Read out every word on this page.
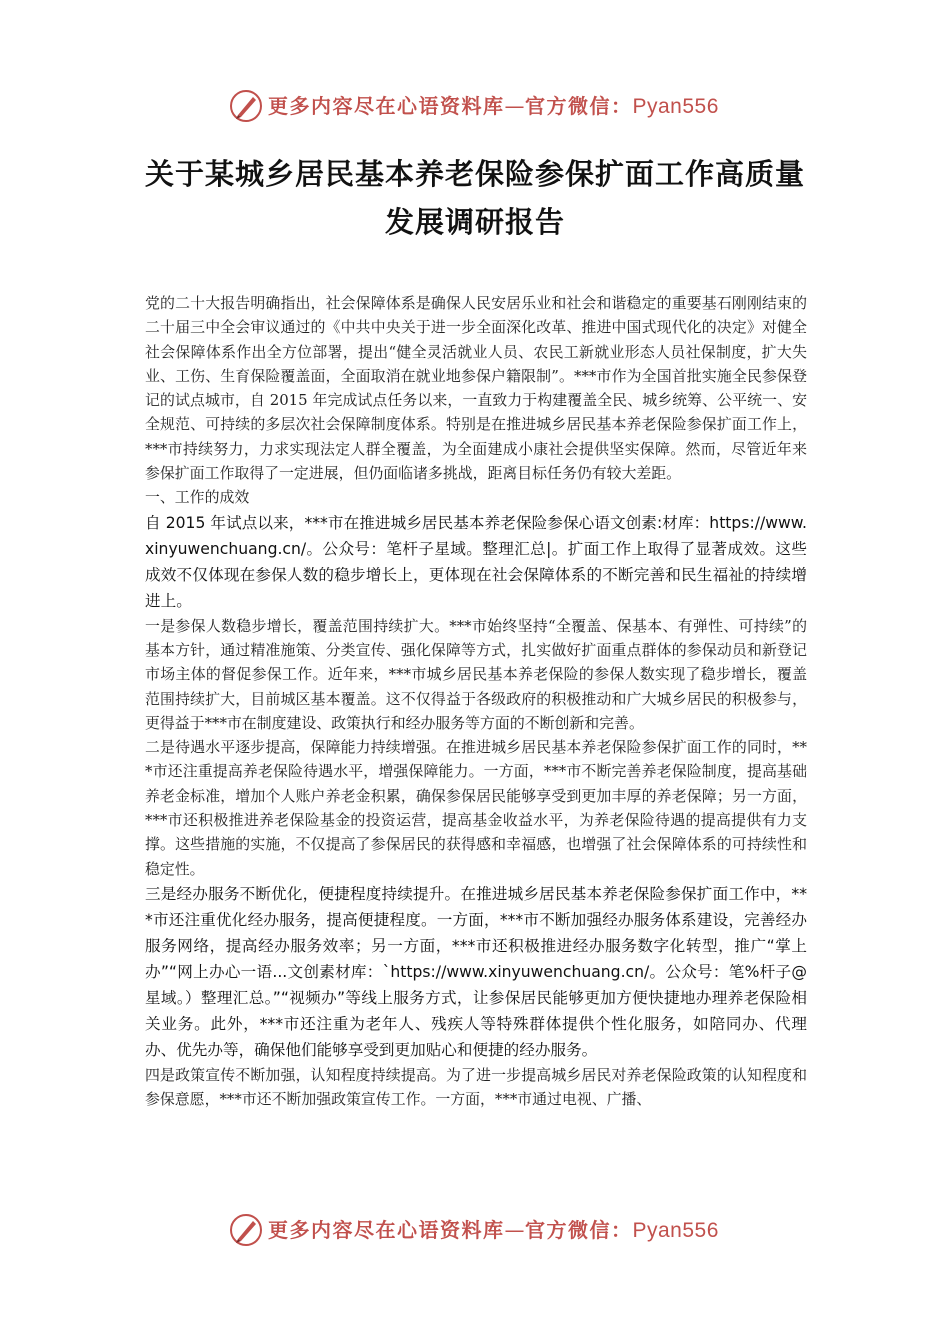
更多内容尽在心语资料库—官方微信：Pyan556
关于某城乡居民基本养老保险参保扩面工作高质量发展调研报告

党的二十大报告明确指出，社会保障体系是确保人民安居乐业和社会和谐稳定的重要基石刚刚结束的二十届三中全会审议通过的《中共中央关于进一步全面深化改革、推进中国式现代化的决定》对健全社会保障体系作出全方位部署，提出“健全灵活就业人员、农民工新就业形态人员社保制度，扩大失业、工伤、生育保险覆盖面，全面取消在就业地参保户籍限制”。***市作为全国首批实施全民参保登记的试点城市，自 2015 年完成试点任务以来，一直致力于构建覆盖全民、城乡统筹、公平统一、安全规范、可持续的多层次社会保障制度体系。特别是在推进城乡居民基本养老保险参保扩面工作上，***市持续努力，力求实现法定人群全覆盖，为全面建成小康社会提供坚实保障。然而，尽管近年来参保扩面工作取得了一定进展，但仍面临诸多挑战，距离目标任务仍有较大差距。

一、工作的成效

自 2015 年试点以来，***市在推进城乡居民基本养老保险参保心语文创素:材库：https://www.xinyuwenchuang.cn/。公众号：笔杆子星域。整理汇总|。扩面工作上取得了显著成效。这些成效不仅体现在参保人数的稳步增长上，更体现在社会保障体系的不断完善和民生福祉的持续增进上。

一是参保人数稳步增长，覆盖范围持续扩大。***市始终坚持“全覆盖、保基本、有弹性、可持续”的基本方针，通过精准施策、分类宣传、强化保障等方式，扎实做好扩面重点群体的参保动员和新登记市场主体的督促参保工作。近年来，***市城乡居民基本养老保险的参保人数实现了稳步增长，覆盖范围持续扩大，目前城区基本覆盖。这不仅得益于各级政府的积极推动和广大城乡居民的积极参与，更得益于***市在制度建设、政策执行和经办服务等方面的不断创新和完善。

二是待遇水平逐步提高，保障能力持续增强。在推进城乡居民基本养老保险参保扩面工作的同时，***市还注重提高养老保险待遇水平，增强保障能力。一方面，***市不断完善养老保险制度，提高基础养老金标准，增加个人账户养老金积累，确保参保居民能够享受到更加丰厚的养老保障；另一方面，***市还积极推进养老保险基金的投资运营，提高基金收益水平，为养老保险待遇的提高提供有力支撑。这些措施的实施，不仅提高了参保居民的获得感和幸福感，也增强了社会保障体系的可持续性和稳定性。

三是经办服务不断优化，便捷程度持续提升。在推进城乡居民基本养老保险参保扩面工作中，***市还注重优化经办服务，提高便捷程度。一方面，***市不断加强经办服务体系建设，完善经办服务网络，提高经办服务效率；另一方面，***市还积极推进经办服务数字化转型，推广“掌上办”“网上办心一语...文创素材库：`https://www.xinyuwenchuang.cn/。公众号：笔%杆子@星域。）整理汇总。”“视频办”等线上服务方式，让参保居民能够更加方便快捷地办理养老保险相关业务。此外，***市还注重为老年人、残疾人等特殊群体提供个性化服务，如陪同办、代理办、优先办等，确保他们能够享受到更加贴心和便捷的经办服务。

四是政策宣传不断加强，认知程度持续提高。为了进一步提高城乡居民对养老保险政策的认知程度和参保意愿，***市还不断加强政策宣传工作。一方面，***市通过电视、广播、

更多内容尽在心语资料库—官方微信：Pyan556
